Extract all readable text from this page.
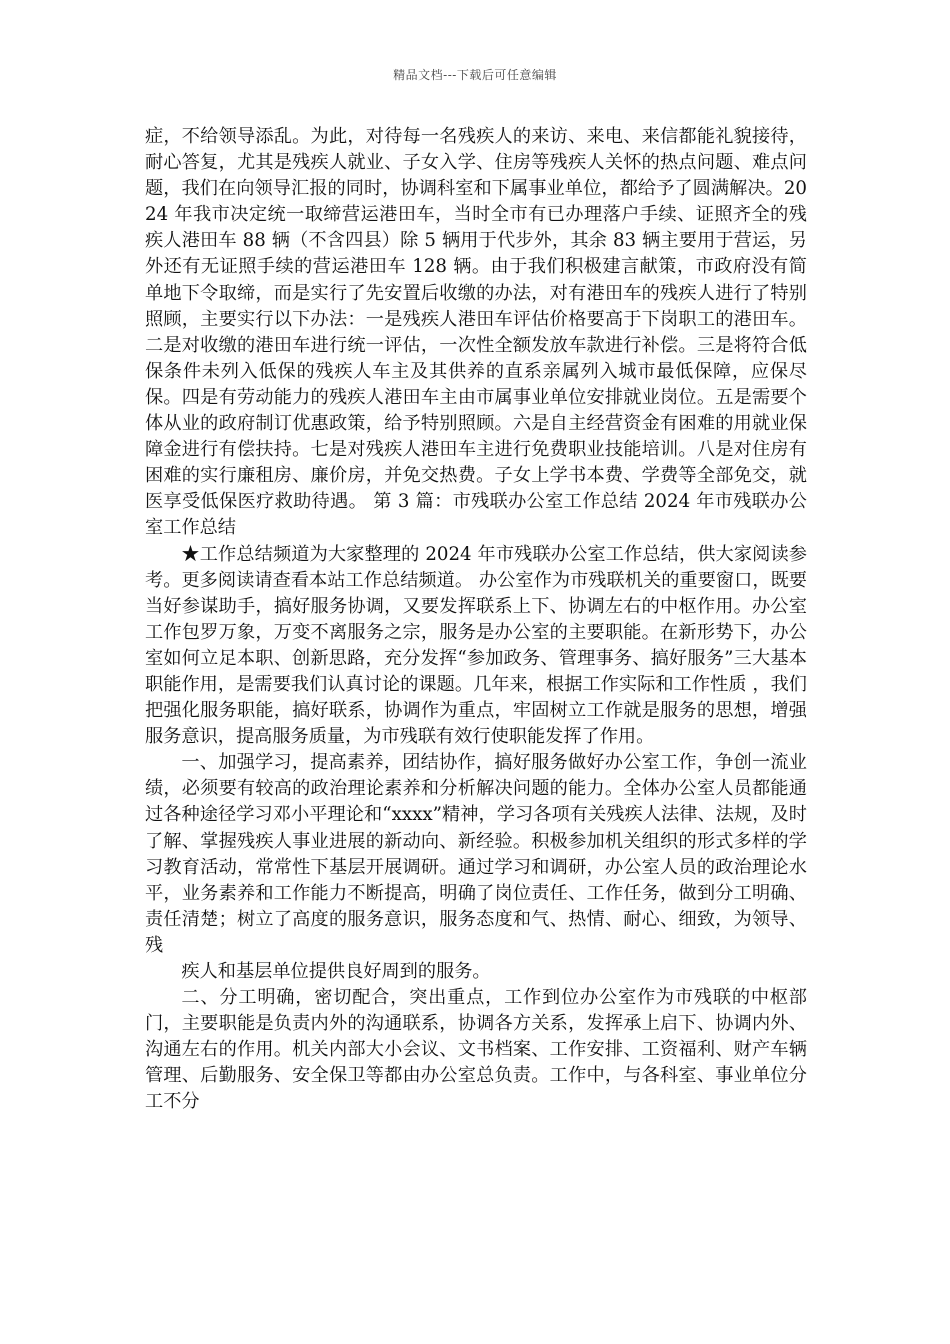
精品文档---下载后可任意编辑

症，不给领导添乱。为此，对待每一名残疾人的来访、来电、来信都能礼貌接待，耐心答复，尤其是残疾人就业、子女入学、住房等残疾人关怀的热点问题、难点问题，我们在向领导汇报的同时，协调科室和下属事业单位，都给予了圆满解决。2024 年我市决定统一取缔营运港田车，当时全市有已办理落户手续、证照齐全的残疾人港田车 88 辆（不含四县）除 5 辆用于代步外，其余 83 辆主要用于营运，另外还有无证照手续的营运港田车 128 辆。由于我们积极建言献策，市政府没有简单地下令取缔，而是实行了先安置后收缴的办法，对有港田车的残疾人进行了特别照顾，主要实行以下办法：一是残疾人港田车评估价格要高于下岗职工的港田车。二是对收缴的港田车进行统一评估，一次性全额发放车款进行补偿。三是将符合低保条件未列入低保的残疾人车主及其供养的直系亲属列入城市最低保障，应保尽保。四是有劳动能力的残疾人港田车主由市属事业单位安排就业岗位。五是需要个体从业的政府制订优惠政策，给予特别照顾。六是自主经营资金有困难的用就业保障金进行有偿扶持。七是对残疾人港田车主进行免费职业技能培训。八是对住房有困难的实行廉租房、廉价房，并免交热费。子女上学书本费、学费等全部免交，就医享受低保医疗救助待遇。 第 3 篇：市残联办公室工作总结 2024 年市残联办公室工作总结

★工作总结频道为大家整理的 2024 年市残联办公室工作总结，供大家阅读参考。更多阅读请查看本站工作总结频道。 办公室作为市残联机关的重要窗口，既要当好参谋助手，搞好服务协调，又要发挥联系上下、协调左右的中枢作用。办公室工作包罗万象，万变不离服务之宗，服务是办公室的主要职能。在新形势下，办公室如何立足本职、创新思路，充分发挥“参加政务、管理事务、搞好服务”三大基本职能作用，是需要我们认真讨论的课题。几年来，根据工作实际和工作性质 ，我们把强化服务职能，搞好联系，协调作为重点，牢固树立工作就是服务的思想，增强服务意识，提高服务质量，为市残联有效行使职能发挥了作用。

一、加强学习，提高素养，团结协作，搞好服务做好办公室工作，争创一流业绩，必须要有较高的政治理论素养和分析解决问题的能力。全体办公室人员都能通过各种途径学习邓小平理论和“xxxx”精神，学习各项有关残疾人法律、法规，及时了解、掌握残疾人事业进展的新动向、新经验。积极参加机关组织的形式多样的学习教育活动，常常性下基层开展调研。通过学习和调研，办公室人员的政治理论水平，业务素养和工作能力不断提高，明确了岗位责任、工作任务，做到分工明确、责任清楚；树立了高度的服务意识，服务态度和气、热情、耐心、细致，为领导、残

疾人和基层单位提供良好周到的服务。

二、分工明确，密切配合，突出重点，工作到位办公室作为市残联的中枢部门，主要职能是负责内外的沟通联系，协调各方关系，发挥承上启下、协调内外、沟通左右的作用。机关内部大小会议、文书档案、工作安排、工资福利、财产车辆管理、后勤服务、安全保卫等都由办公室总负责。工作中，与各科室、事业单位分工不分
